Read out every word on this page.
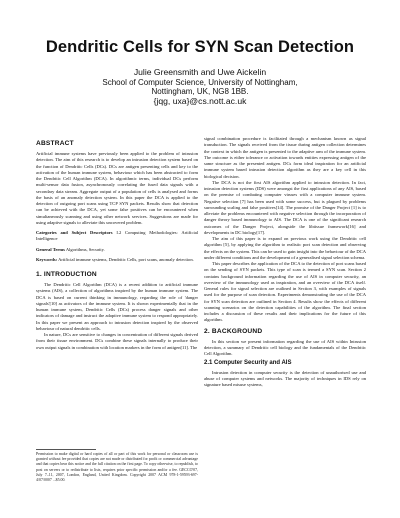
Dendritic Cells for SYN Scan Detection
Julie Greensmith and Uwe Aickelin
School of Computer Science, University of Nottingham,
Nottingham, UK, NG8 1BB.
{jqg, uxa}@cs.nott.ac.uk
ABSTRACT

Artificial immune systems have previously been applied to the problem of intrusion detection. The aim of this research is to develop an intrusion detection system based on the function of Dendritic Cells (DCs). DCs are antigen presenting cells and key to the activation of the human immune system, behaviour which has been abstracted to form the Dendritic Cell Algorithm (DCA). In algorithmic terms, individual DCs perform multi-sensor data fusion, asynchronously correlating the fused data signals with a secondary data stream. Aggregate output of a population of cells is analysed and forms the basis of an anomaly detection system. In this paper the DCA is applied to the detection of outgoing port scans using TCP SYN packets. Results show that detection can be achieved with the DCA, yet some false positives can be encountered when simultaneously scanning and using other network services. Suggestions are made for using adaptive signals to alleviate this uncovered problem.

Categories and Subject Descriptors I.2 Computing Methodologies: Artificial Intelligence

General Terms Algorithms, Security.

Keywords: Artificial immune systems, Dendritic Cells, port scans, anomaly detection.

1. INTRODUCTION

The Dendritic Cell Algorithm (DCA) is a recent addition to artificial immune systems (AIS), a collection of algorithms inspired by the human immune system. The DCA is based on current thinking in immunology, regarding the role of 'danger signals'[10] as activators of the immune system. It is shown experimentally that in the human immune system, Dendritic Cells (DCs) process danger signals and other indicators of damage and instruct the adaptive immune system to respond appropriately. In this paper we present an approach to intrusion detection inspired by the observed behaviour of natural dendritic cells.

In nature, DCs are sensitive to changes in concentration of different signals derived from their tissue environment. DCs combine these signals internally to produce their own output signals in combination with location markers in the form of antigen[11]. The

Permission to make digital or hard copies of all or part of this work for personal or classroom use is granted without fee provided that copies are not made or distributed for profit or commercial advantage and that copies bear this notice and the full citation on the first page. To copy otherwise, to republish, to post on servers or to redistribute to lists, requires prior specific permission and/or a fee. GECCO'07, July 7–11, 2007, London, England, United Kingdom. Copyright 2007 ACM 978-1-59593-697-4/07/0007 ...$5.00.

signal combination procedure is facilitated through a mechanism known as signal transduction. The signals received from the tissue during antigen collection determines the context in which the antigen is presented to the adaptive arm of the immune system. The outcome is either tolerance or activation towards entities expressing antigen of the same structure as the presented antigen. DCs form ideal inspiration for an artificial immune system based intrusion detection algorithm as they are a key cell in this biological decision.

The DCA is not the first AIS algorithm applied to intrusion detection. In fact, intrusion detection systems (IDS) were amongst the first applications of any AIS, based on the premise of combating computer viruses with a computer immune system. Negative selection [7] has been used with some success, but is plagued by problems surrounding scaling and false positives[14]. The promise of the Danger Project [1] is to alleviate the problems encountered with negative selection through the incorporation of danger theory based immunology to AIS. The DCA is one of the significant research outcomes of the Danger Project, alongside the libtissue framework[16] and developments in DC biology[17].

The aim of this paper is to expand on previous work using the Dendritic cell algorithm [5], by applying the algorithm to realistic port scan detection and observing the effects on the system. This can be used to gain insight into the behaviour of the DCA under different conditions and the development of a generalised signal selection schema.

This paper describes the application of the DCA to the detection of port scans based on the sending of SYN packets. This type of scan is termed a SYN scan. Section 2 contains background information regarding the use of AIS in computer security, an overview of the immunology used as inspiration, and an overview of the DCA itself. General rules for signal selection are outlined in Section 3, with examples of signals used for the purpose of scan detection. Experiments demonstrating the use of the DCA for SYN scan detection are outlined in Section 4. Results show the effects of different scanning scenarios on the detection capabilities of the algorithm. The final section includes a discussion of these results and their implications for the future of this algorithm.

2. BACKGROUND

In this section we present information regarding the use of AIS within Intrusion detection, a summary of Dendritic cell biology and the fundamentals of the Dendritic Cell Algorithm.

2.1 Computer Security and AIS

Intrusion detection in computer security is the detection of unauthorised use and abuse of computer systems and networks. The majority of techniques in IDS rely on signature based misuse systems,
